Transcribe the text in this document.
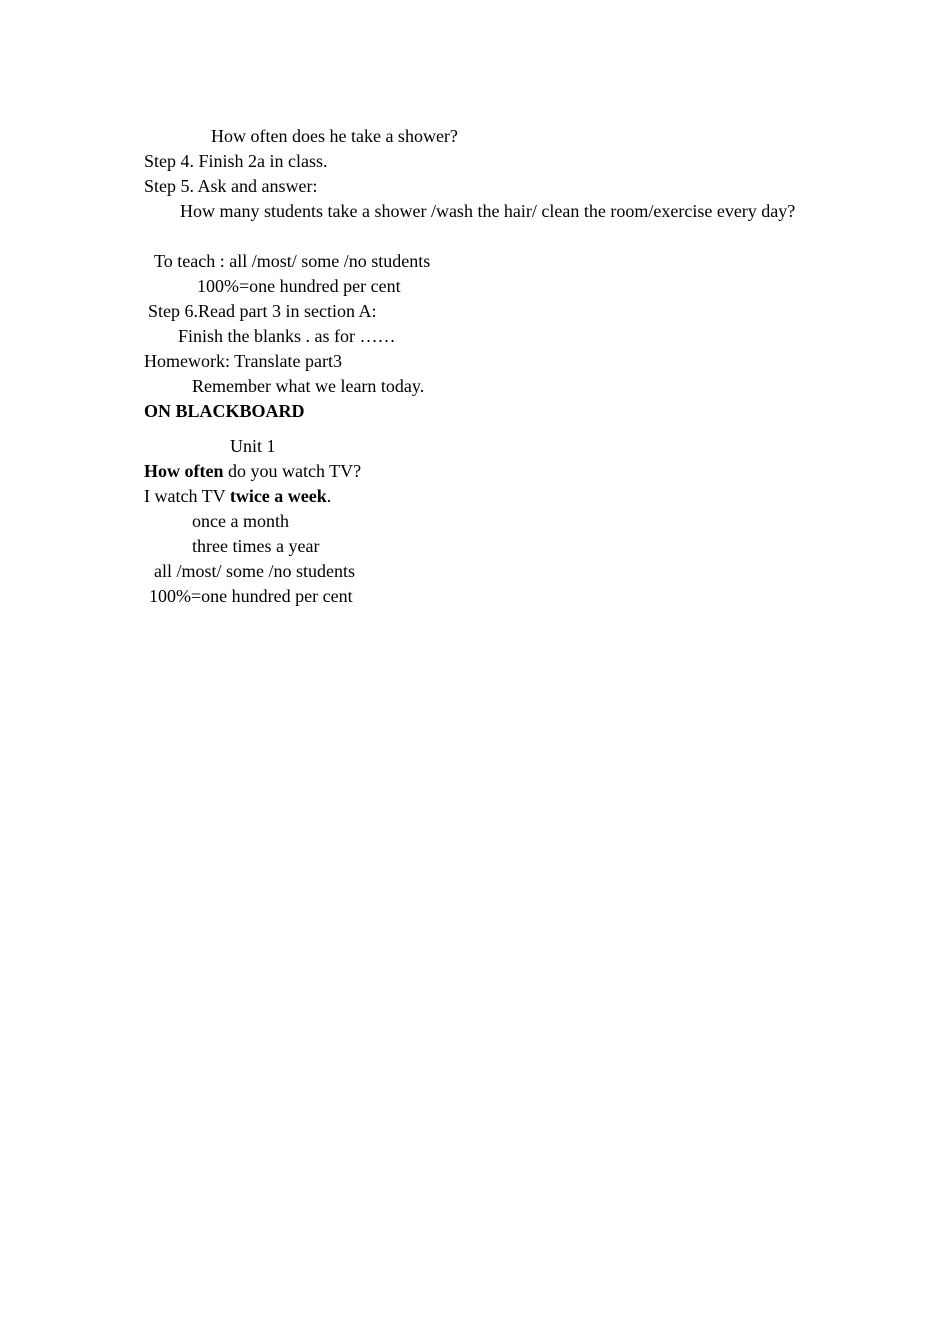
How often does he take a shower?
Step 4. Finish 2a in class.
Step 5. Ask and answer:
How many students take a shower /wash the hair/ clean the room/exercise every day?
To teach : all /most/ some /no students
100%=one hundred per cent
Step 6.Read part 3 in section A:
Finish the blanks . as for ……
Homework: Translate part3
Remember what we learn today.
ON BLACKBOARD
Unit 1
How often do you watch TV?
I watch TV twice a week.
once a month
three times a year
all /most/ some /no students
100%=one hundred per cent
